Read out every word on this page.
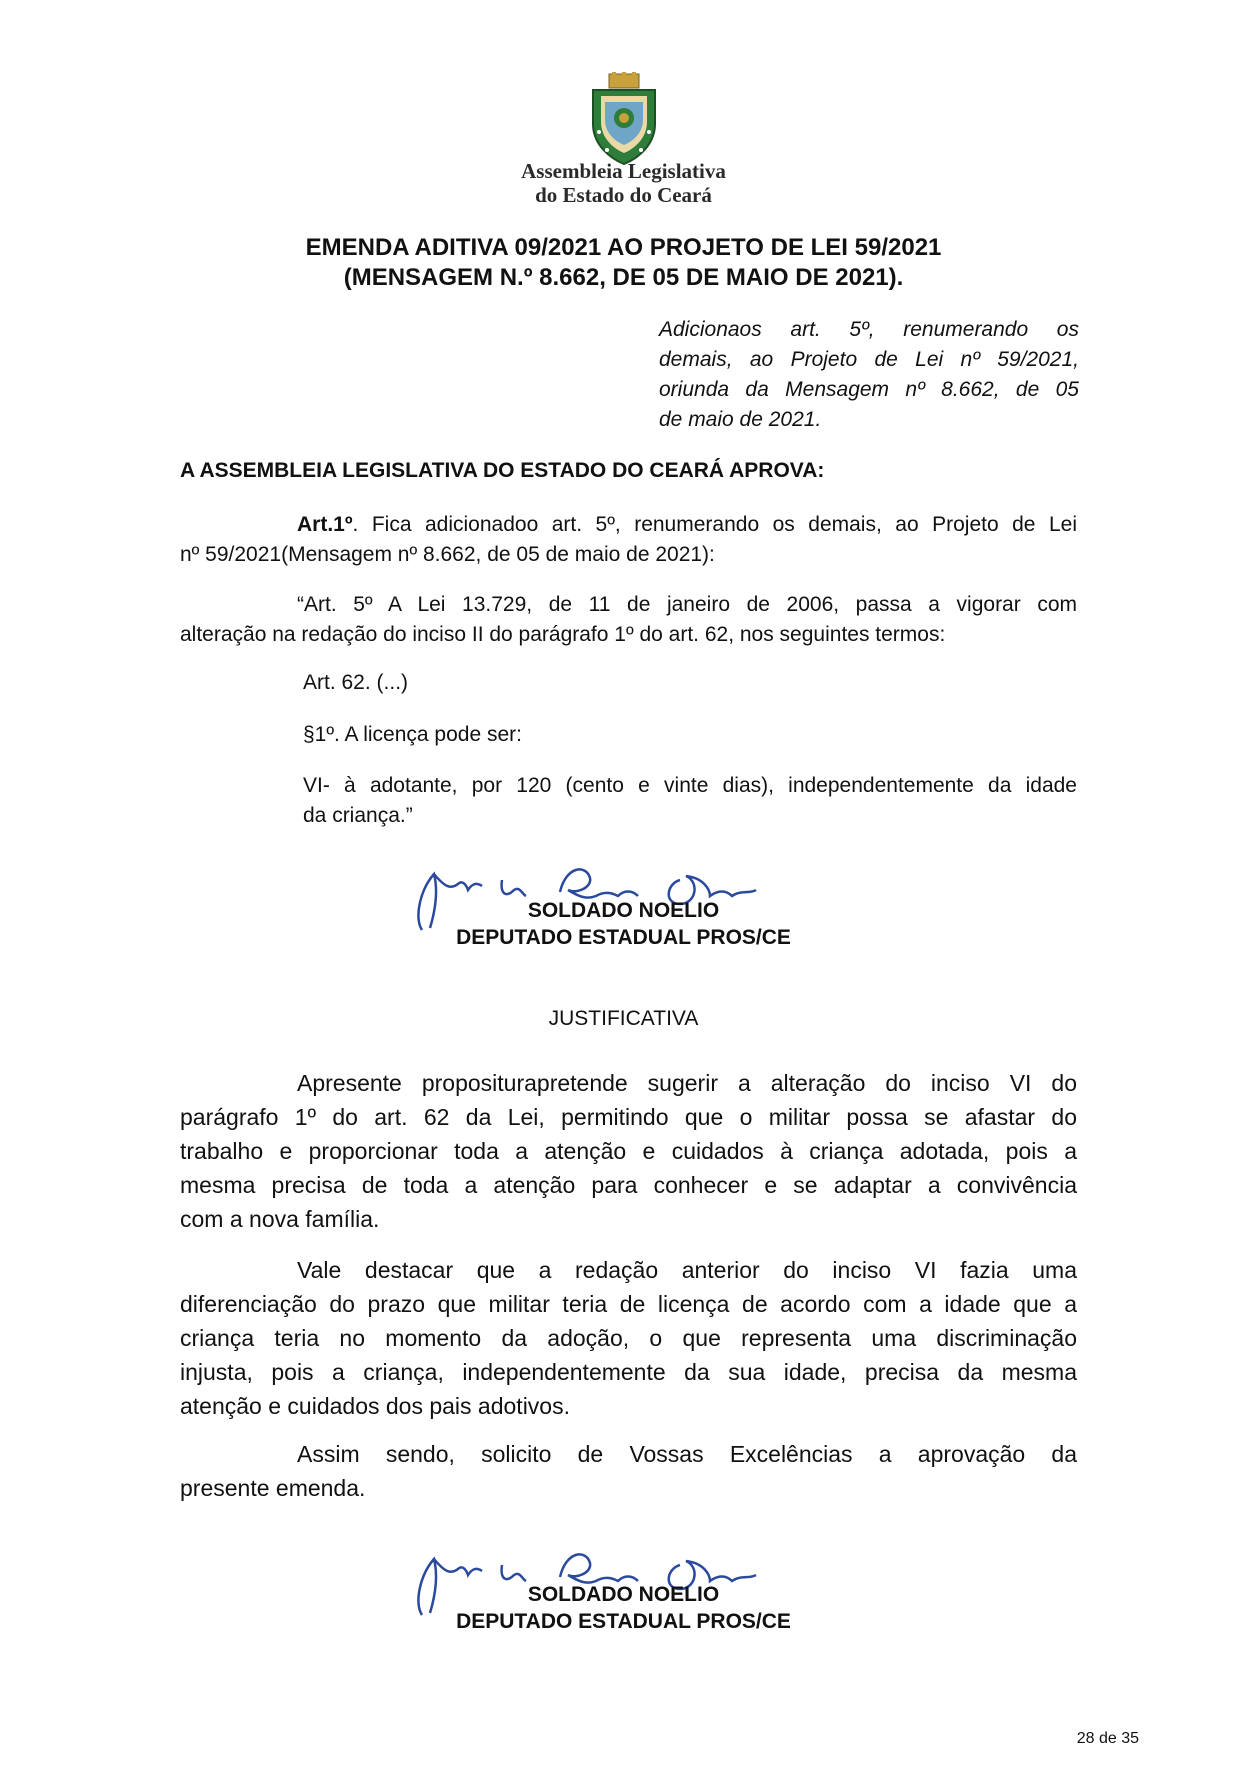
Assembleia Legislativa
do Estado do Ceará
EMENDA ADITIVA 09/2021 AO PROJETO DE LEI 59/2021
(MENSAGEM N.º 8.662, DE 05 DE MAIO DE 2021).
Adicionaos art. 5º, renumerando os
demais, ao Projeto de Lei nº 59/2021,
oriunda da Mensagem nº 8.662, de 05
de maio de 2021.
A ASSEMBLEIA LEGISLATIVA DO ESTADO DO CEARÁ APROVA:
Art.1º. Fica adicionadoo art. 5º, renumerando os demais, ao Projeto de Lei
nº 59/2021(Mensagem nº 8.662, de 05 de maio de 2021):
“Art. 5º A Lei 13.729, de 11 de janeiro de 2006, passa a vigorar com
alteração na redação do inciso II do parágrafo 1º do art. 62, nos seguintes termos:
Art. 62. (...)
§1º. A licença pode ser:
VI- à adotante, por 120 (cento e vinte dias), independentemente da idade
da criança.”
SOLDADO NOELIO
DEPUTADO ESTADUAL PROS/CE
JUSTIFICATIVA
Apresente propositurapretende sugerir a alteração do inciso VI do
parágrafo 1º do art. 62 da Lei, permitindo que o militar possa se afastar do
trabalho e proporcionar toda a atenção e cuidados à criança adotada, pois a
mesma precisa de toda a atenção para conhecer e se adaptar a convivência
com a nova família.
Vale destacar que a redação anterior do inciso VI fazia uma
diferenciação do prazo que militar teria de licença de acordo com a idade que a
criança teria no momento da adoção, o que representa uma discriminação
injusta, pois a criança, independentemente da sua idade, precisa da mesma
atenção e cuidados dos pais adotivos.
Assim sendo, solicito de Vossas Excelências a aprovação da
presente emenda.
SOLDADO NOELIO
DEPUTADO ESTADUAL PROS/CE
28 de 35
